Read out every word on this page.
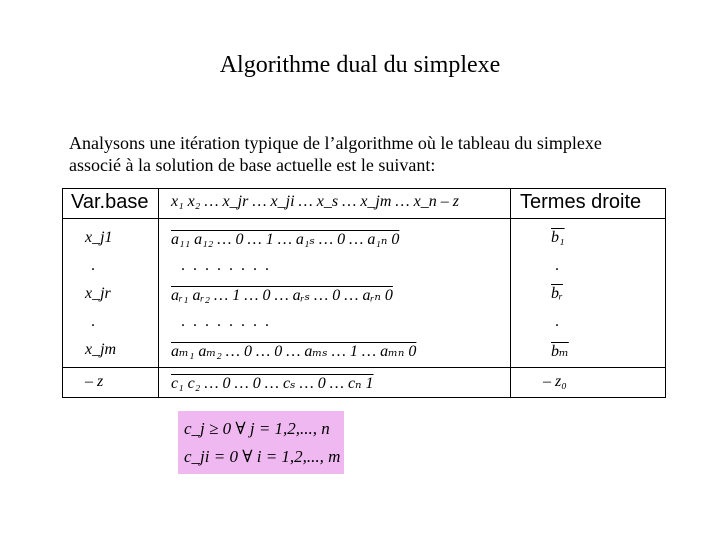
Algorithme dual du simplexe
Analysons une itération typique de l’algorithme où le tableau du simplexe
associé à la solution de base actuelle est le suivant:
Var.base x₁ x₂ … x_jr … x_ji … x_s … x_jm … x_n – z	Termes droite
x_j1	a₁₁ a₁₂ … 0 … 1 … a₁ₛ … 0 … a₁ₙ 0	b₁
.	. . . . . . . .	.
x_jr	aᵣ₁ aᵣ₂ … 1 … 0 … aᵣₛ … 0 … aᵣₙ 0	$\overline{bᵣ}$
.	. . . . . . . .	.
x_jm	aₘ₁ aₘ₂ … 0 … 0 … aₘₛ … 1 … aₘₙ 0	$\overline{b_m}$
– z	c₁ c₂ … 0 … 0 … cₛ … 0 … cₙ 1	– z₀
c_j ≥ 0 ∀ j = 1,2,..., n
c_ji = 0 ∀ i = 1,2,..., m
